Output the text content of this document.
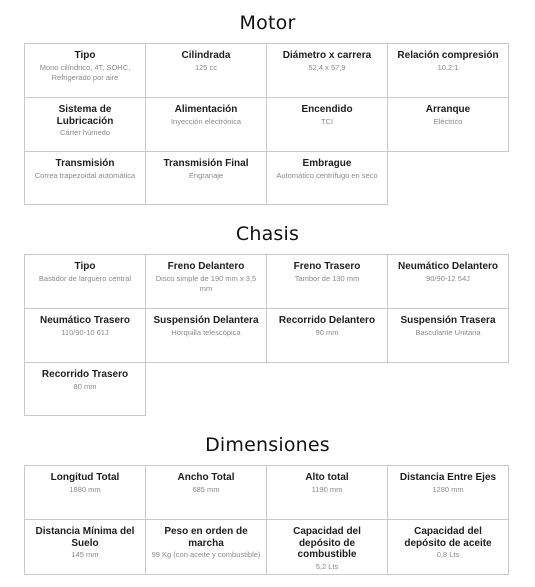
Motor
Tipo
Mono cilíndrico, 4T, SOHC, Refrigerado por aire
Cilindrada
125 cc
Diámetro x carrera
52,4 x 57,9
Relación compresión
10.2:1
Sistema de Lubricación
Cárter húmedo
Alimentación
Inyección electrónica
Encendido
TCI
Arranque
Eléctrico
Transmisión
Correa trapezoidal automática
Transmisión Final
Engranaje
Embrague
Automático centrífugo en seco
Chasis
Tipo
Bastidor de larguero central
Freno Delantero
Disco simple de 190 mm x 3,5 mm
Freno Trasero
Tambor de 130 mm
Neumático Delantero
90/90-12 54J
Neumático Trasero
110/90-10 61J
Suspensión Delantera
Horquilla telescópica
Recorrido Delantero
90 mm
Suspensión Trasera
Basculante Unitaria
Recorrido Trasero
80 mm
Dimensiones
Longitud Total
1880 mm
Ancho Total
685 mm
Alto total
1190 mm
Distancia Entre Ejes
1280 mm
Distancia Mínima del Suelo
145 mm
Peso en orden de marcha
99 Kg (con aceite y combustible)
Capacidad del depósito de combustible
5,2 Lts
Capacidad del depósito de aceite
0,8 Lts
